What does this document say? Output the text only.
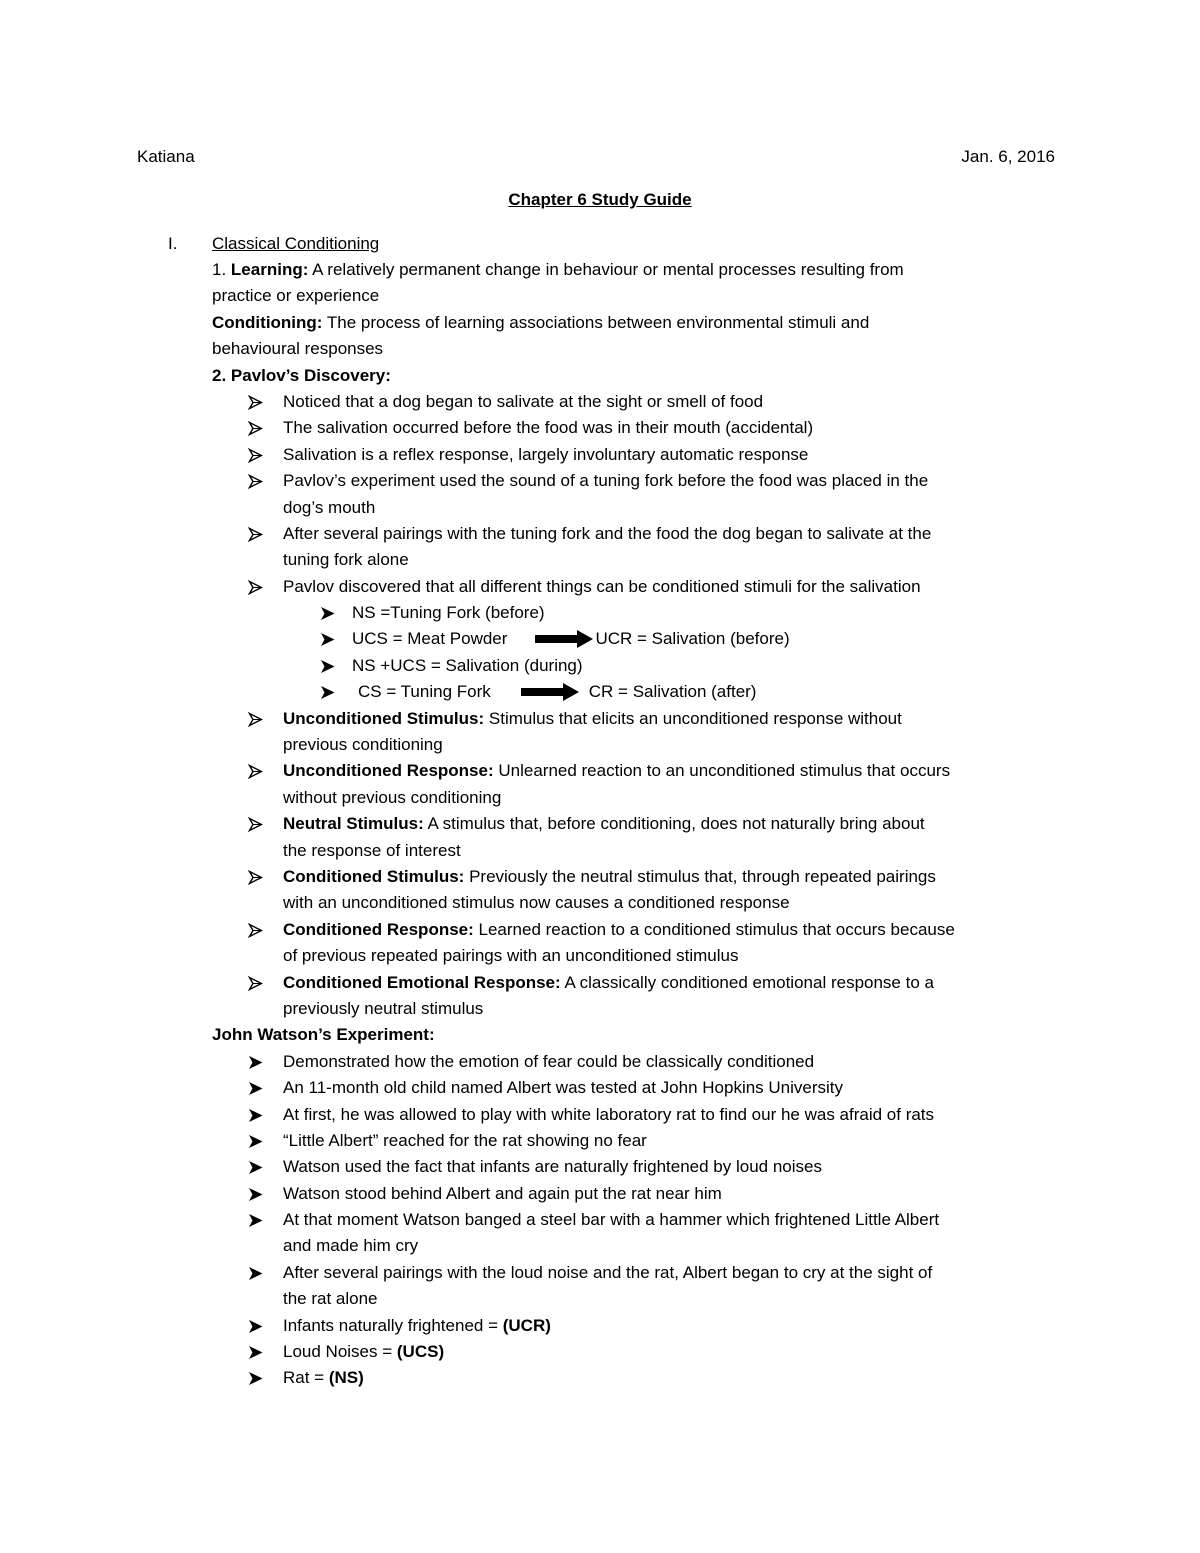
Katiana	Jan. 6, 2016
Chapter 6 Study Guide
I. Classical Conditioning
1. Learning: A relatively permanent change in behaviour or mental processes resulting from
practice or experience
Conditioning: The process of learning associations between environmental stimuli and
behavioural responses
2. Pavlov’s Discovery:
Noticed that a dog began to salivate at the sight or smell of food
The salivation occurred before the food was in their mouth (accidental)
Salivation is a reflex response, largely involuntary automatic response
Pavlov’s experiment used the sound of a tuning fork before the food was placed in the
dog’s mouth
After several pairings with the tuning fork and the food the dog began to salivate at the
tuning fork alone
Pavlov discovered that all different things can be conditioned stimuli for the salivation
NS =Tuning Fork (before)
UCS = Meat Powder	UCR = Salivation (before)
NS +UCS = Salivation (during)
CS = Tuning Fork	CR = Salivation (after)
Unconditioned Stimulus: Stimulus that elicits an unconditioned response without
previous conditioning
Unconditioned Response: Unlearned reaction to an unconditioned stimulus that occurs
without previous conditioning
Neutral Stimulus: A stimulus that, before conditioning, does not naturally bring about
the response of interest
Conditioned Stimulus: Previously the neutral stimulus that, through repeated pairings
with an unconditioned stimulus now causes a conditioned response
Conditioned Response: Learned reaction to a conditioned stimulus that occurs because
of previous repeated pairings with an unconditioned stimulus
Conditioned Emotional Response: A classically conditioned emotional response to a
previously neutral stimulus
John Watson’s Experiment:
Demonstrated how the emotion of fear could be classically conditioned
An 11-month old child named Albert was tested at John Hopkins University
At first, he was allowed to play with white laboratory rat to find our he was afraid of rats
“Little Albert” reached for the rat showing no fear
Watson used the fact that infants are naturally frightened by loud noises
Watson stood behind Albert and again put the rat near him
At that moment Watson banged a steel bar with a hammer which frightened Little Albert
and made him cry
After several pairings with the loud noise and the rat, Albert began to cry at the sight of
the rat alone
Infants naturally frightened = (UCR)
Loud Noises = (UCS)
Rat = (NS)
